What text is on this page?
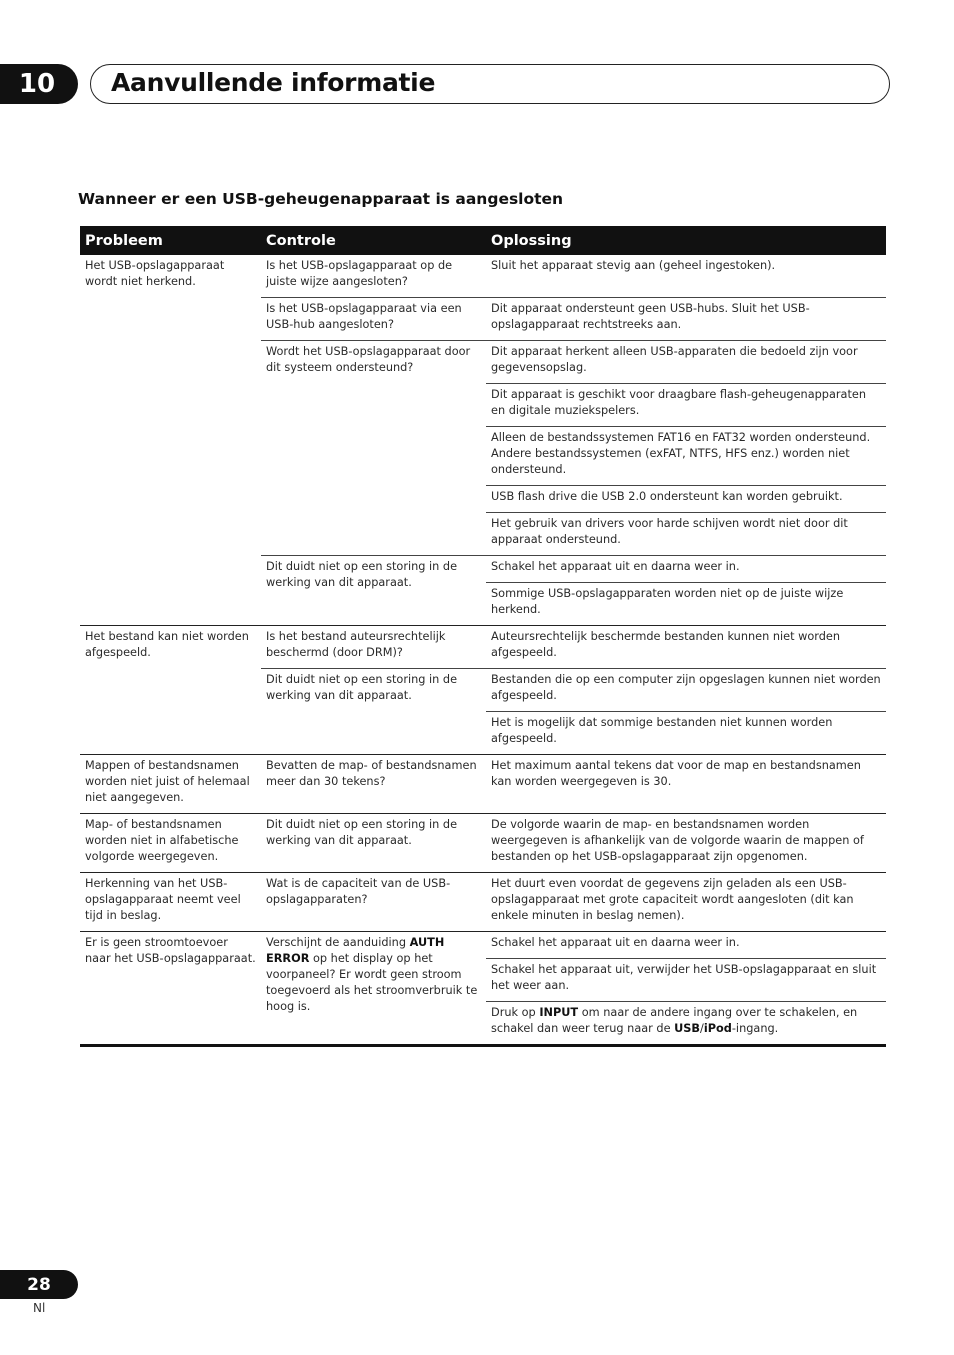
10 Aanvullende informatie
Wanneer er een USB-geheugenapparaat is aangesloten
Probleem	Controle	Oplossing
Het USB-opslagapparaat wordt niet herkend.	Is het USB-opslagapparaat op de juiste wijze aangesloten?	Sluit het apparaat stevig aan (geheel ingestoken).
	Is het USB-opslagapparaat via een USB-hub aangesloten?	Dit apparaat ondersteunt geen USB-hubs. Sluit het USB-opslagapparaat rechtstreeks aan.
	Wordt het USB-opslagapparaat door dit systeem ondersteund?	Dit apparaat herkent alleen USB-apparaten die bedoeld zijn voor gegevensopslag.
		Dit apparaat is geschikt voor draagbare flash-geheugenapparaten en digitale muziekspelers.
		Alleen de bestandssystemen FAT16 en FAT32 worden ondersteund. Andere bestandssystemen (exFAT, NTFS, HFS enz.) worden niet ondersteund.
		USB flash drive die USB 2.0 ondersteunt kan worden gebruikt.
		Het gebruik van drivers voor harde schijven wordt niet door dit apparaat ondersteund.
	Dit duidt niet op een storing in de werking van dit apparaat.	Schakel het apparaat uit en daarna weer in.
		Sommige USB-opslagapparaten worden niet op de juiste wijze herkend.
Het bestand kan niet worden afgespeeld.	Is het bestand auteursrechtelijk beschermd (door DRM)?	Auteursrechtelijk beschermde bestanden kunnen niet worden afgespeeld.
	Dit duidt niet op een storing in de werking van dit apparaat.	Bestanden die op een computer zijn opgeslagen kunnen niet worden afgespeeld.
		Het is mogelijk dat sommige bestanden niet kunnen worden afgespeeld.
Mappen of bestandsnamen worden niet juist of helemaal niet aangegeven.	Bevatten de map- of bestandsnamen meer dan 30 tekens?	Het maximum aantal tekens dat voor de map en bestandsnamen kan worden weergegeven is 30.
Map- of bestandsnamen worden niet in alfabetische volgorde weergegeven.	Dit duidt niet op een storing in de werking van dit apparaat.	De volgorde waarin de map- en bestandsnamen worden weergegeven is afhankelijk van de volgorde waarin de mappen of bestanden op het USB-opslagapparaat zijn opgenomen.
Herkenning van het USB-opslagapparaat neemt veel tijd in beslag.	Wat is de capaciteit van de USB-opslagapparaten?	Het duurt even voordat de gegevens zijn geladen als een USB-opslagapparaat met grote capaciteit wordt aangesloten (dit kan enkele minuten in beslag nemen).
Er is geen stroomtoevoer naar het USB-opslagapparaat.	Verschijnt de aanduiding AUTH ERROR op het display op het voorpaneel? Er wordt geen stroom toegevoerd als het stroomverbruik te hoog is.	Schakel het apparaat uit en daarna weer in.
		Schakel het apparaat uit, verwijder het USB-opslagapparaat en sluit het weer aan.
		Druk op INPUT om naar de andere ingang over te schakelen, en schakel dan weer terug naar de USB/iPod-ingang.
28
Nl
